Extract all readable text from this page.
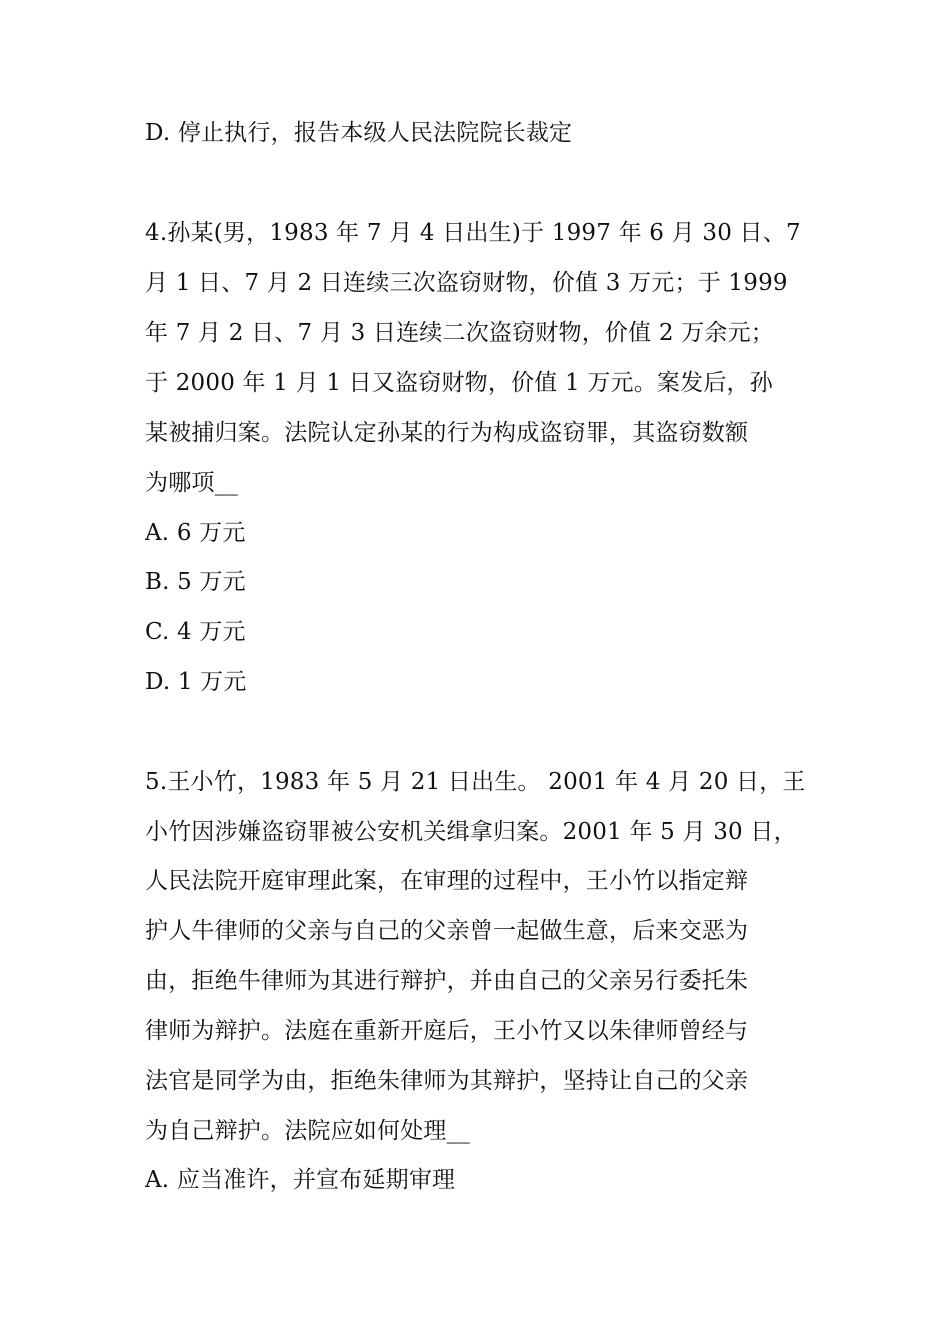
D. 停止执行，报告本级人民法院院长裁定
4.孙某(男，1983 年 7 月 4 日出生)于 1997 年 6 月 30 日、7
月 1 日、7 月 2 日连续三次盗窃财物，价值 3 万元；于 1999
年 7 月 2 日、7 月 3 日连续二次盗窃财物，价值 2 万余元；
于 2000 年 1 月 1 日又盗窃财物，价值 1 万元。案发后，孙
某被捕归案。法院认定孙某的行为构成盗窃罪，其盗窃数额
为哪项__
A. 6 万元
B. 5 万元
C. 4 万元
D. 1 万元
5.王小竹，1983 年 5 月 21 日出生。 2001 年 4 月 20 日，王
小竹因涉嫌盗窃罪被公安机关缉拿归案。2001 年 5 月 30 日，
人民法院开庭审理此案，在审理的过程中，王小竹以指定辩
护人牛律师的父亲与自己的父亲曾一起做生意，后来交恶为
由，拒绝牛律师为其进行辩护，并由自己的父亲另行委托朱
律师为辩护。法庭在重新开庭后，王小竹又以朱律师曾经与
法官是同学为由，拒绝朱律师为其辩护，坚持让自己的父亲
为自己辩护。法院应如何处理__
A. 应当准许，并宣布延期审理
